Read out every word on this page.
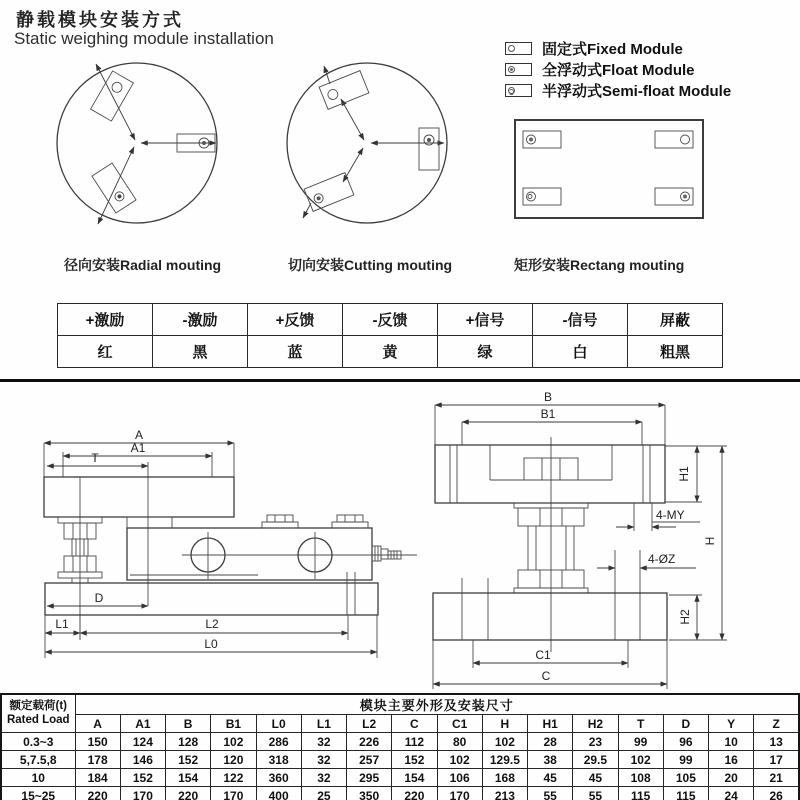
静载模块安装方式
Static weighing module installation
固定式Fixed Module
全浮动式Float Module
半浮动式Semi-float Module
A
A1
T
D
L1	L2
L0
B
B1
H1
4-MY
H
4-ØZ
H2
C1
C
径向安装Radial mouting	切向安装Cutting mouting	矩形安装Rectang mouting
+激励	-激励	+反馈	-反馈	+信号	-信号	屏蔽
红	黑	蓝	黄	绿	白	粗黑
额定载荷(t)
Rated Load	模块主要外形及安装尺寸															
	A	A1	B	B1	L0	L1	L2	C	C1	H	H1	H2	T	D	Y	Z
0.3~3	150	124	128	102	286	32	226	112	80	102	28	23	99	96	10	13
5,7.5,8	178	146	152	120	318	32	257	152	102	129.5	38	29.5	102	99	16	17
10	184	152	154	122	360	32	295	154	106	168	45	45	108	105	20	21
15~25	220	170	220	170	400	25	350	220	170	213	55	55	115	115	24	26
